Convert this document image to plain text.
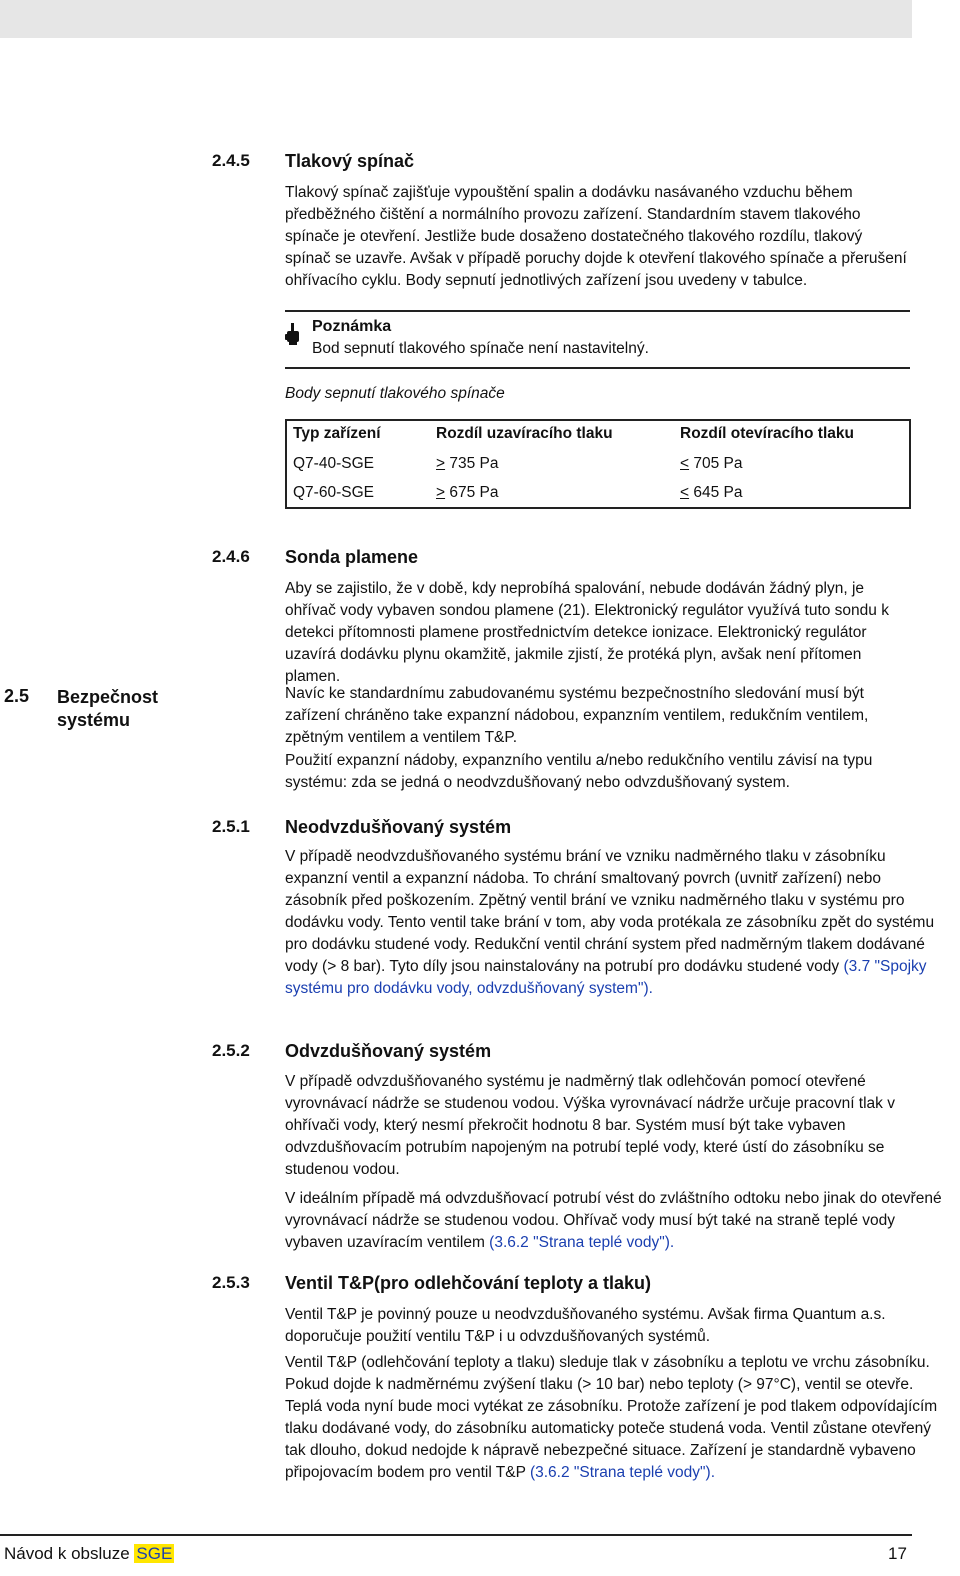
2.4.5 Tlakový spínač
Tlakový spínač zajišťuje vypouštění spalin a dodávku nasávaného vzduchu během předběžného čištění a normálního provozu zařízení. Standardním stavem tlakového spínače je otevření. Jestliže bude dosaženo dostatečného tlakového rozdílu, tlakový spínač se uzavře. Avšak v případě poruchy dojde k otevření tlakového spínače a přerušení ohřívacího cyklu. Body sepnutí jednotlivých zařízení jsou uvedeny v tabulce.
Poznámka
Bod sepnutí tlakového spínače není nastavitelný.
Body sepnutí tlakového spínače
Typ zařízení	Rozdíl uzavíracího tlaku	Rozdíl otevíracího tlaku
Q7-40-SGE	> 735 Pa	< 705 Pa
Q7-60-SGE	> 675 Pa	< 645 Pa
2.4.6 Sonda plamene
Aby se zajistilo, že v době, kdy neprobíhá spalování, nebude dodáván žádný plyn, je ohřívač vody vybaven sondou plamene (21). Elektronický regulátor využívá tuto sondu k detekci přítomnosti plamene prostřednictvím detekce ionizace. Elektronický regulátor uzavírá dodávku plynu okamžitě, jakmile zjistí, že protéká plyn, avšak není přítomen plamen.
2.5 Bezpečnost
systému
Navíc ke standardnímu zabudovanému systému bezpečnostního sledování musí být zařízení chráněno take expanzní nádobou, expanzním ventilem, redukčním ventilem, zpětným ventilem a ventilem T&P.
Použití expanzní nádoby, expanzního ventilu a/nebo redukčního ventilu závisí na typu systému: zda se jedná o neodvzdušňovaný nebo odvzdušňovaný system.
2.5.1 Neodvzdušňovaný systém
V případě neodvzdušňovaného systému brání ve vzniku nadměrného tlaku v zásobníku expanzní ventil a expanzní nádoba. To chrání smaltovaný povrch (uvnitř zařízení) nebo zásobník před poškozením. Zpětný ventil brání ve vzniku nadměrného tlaku v systému pro dodávku vody. Tento ventil take brání v tom, aby voda protékala ze zásobníku zpět do systému pro dodávku studené vody. Redukční ventil chrání system před nadměrným tlakem dodávané vody (> 8 bar). Tyto díly jsou nainstalovány na potrubí pro dodávku studené vody (3.7 "Spojky systému pro dodávku vody, odvzdušňovaný system").
2.5.2 Odvzdušňovaný systém
V případě odvzdušňovaného systému je nadměrný tlak odlehčován pomocí otevřené vyrovnávací nádrže se studenou vodou. Výška vyrovnávací nádrže určuje pracovní tlak v ohřívači vody, který nesmí překročit hodnotu 8 bar. Systém musí být take vybaven odvzdušňovacím potrubím napojeným na potrubí teplé vody, které ústí do zásobníku se studenou vodou.
V ideálním případě má odvzdušňovací potrubí vést do zvláštního odtoku nebo jinak do otevřené vyrovnávací nádrže se studenou vodou. Ohřívač vody musí být také na straně teplé vody vybaven uzavíracím ventilem (3.6.2 "Strana teplé vody").
2.5.3 Ventil T&P(pro odlehčování teploty a tlaku)
Ventil T&P je povinný pouze u neodvzdušňovaného systému. Avšak firma Quantum a.s. doporučuje použití ventilu T&P i u odvzdušňovaných systémů.
Ventil T&P (odlehčování teploty a tlaku) sleduje tlak v zásobníku a teplotu ve vrchu zásobníku. Pokud dojde k nadměrnému zvýšení tlaku (> 10 bar) nebo teploty (> 97°C), ventil se otevře. Teplá voda nyní bude moci vytékat ze zásobníku. Protože zařízení je pod tlakem odpovídajícím tlaku dodávané vody, do zásobníku automaticky poteče studená voda. Ventil zůstane otevřený tak dlouho, dokud nedojde k nápravě nebezpečné situace. Zařízení je standardně vybaveno připojovacím bodem pro ventil T&P (3.6.2 "Strana teplé vody").
Návod k obsluze SGE	17
